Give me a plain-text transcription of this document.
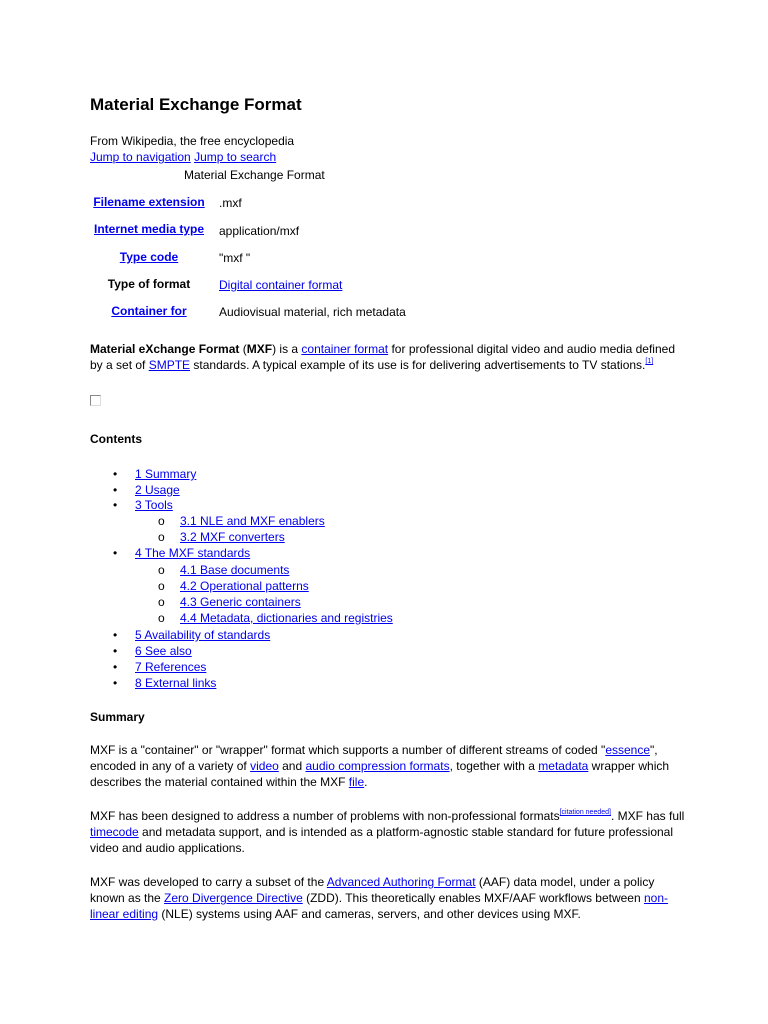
Material Exchange Format
From Wikipedia, the free encyclopedia
Jump to navigation Jump to search
Material Exchange Format
Filename extension .mxf
Internet media type	application/mxf
Type code	"mxf "
Type of format	Digital container format
Container for	Audiovisual material, rich metadata
Material eXchange Format (MXF) is a container format for professional digital video and audio media defined by a set of SMPTE standards. A typical example of its use is for delivering advertisements to TV stations.[1]
Contents
• 1 Summary
• 2 Usage
• 3 Tools
o 3.1 NLE and MXF enablers
o 3.2 MXF converters
• 4 The MXF standards
o 4.1 Base documents
o 4.2 Operational patterns
o 4.3 Generic containers
o 4.4 Metadata, dictionaries and registries
• 5 Availability of standards
• 6 See also
• 7 References
• 8 External links
Summary
MXF is a "container" or "wrapper" format which supports a number of different streams of coded "essence", encoded in any of a variety of video and audio compression formats, together with a metadata wrapper which describes the material contained within the MXF file.
MXF has been designed to address a number of problems with non-professional formats[citation needed]. MXF has full timecode and metadata support, and is intended as a platform-agnostic stable standard for future professional video and audio applications.
MXF was developed to carry a subset of the Advanced Authoring Format (AAF) data model, under a policy known as the Zero Divergence Directive (ZDD). This theoretically enables MXF/AAF workflows between non-linear editing (NLE) systems using AAF and cameras, servers, and other devices using MXF.
